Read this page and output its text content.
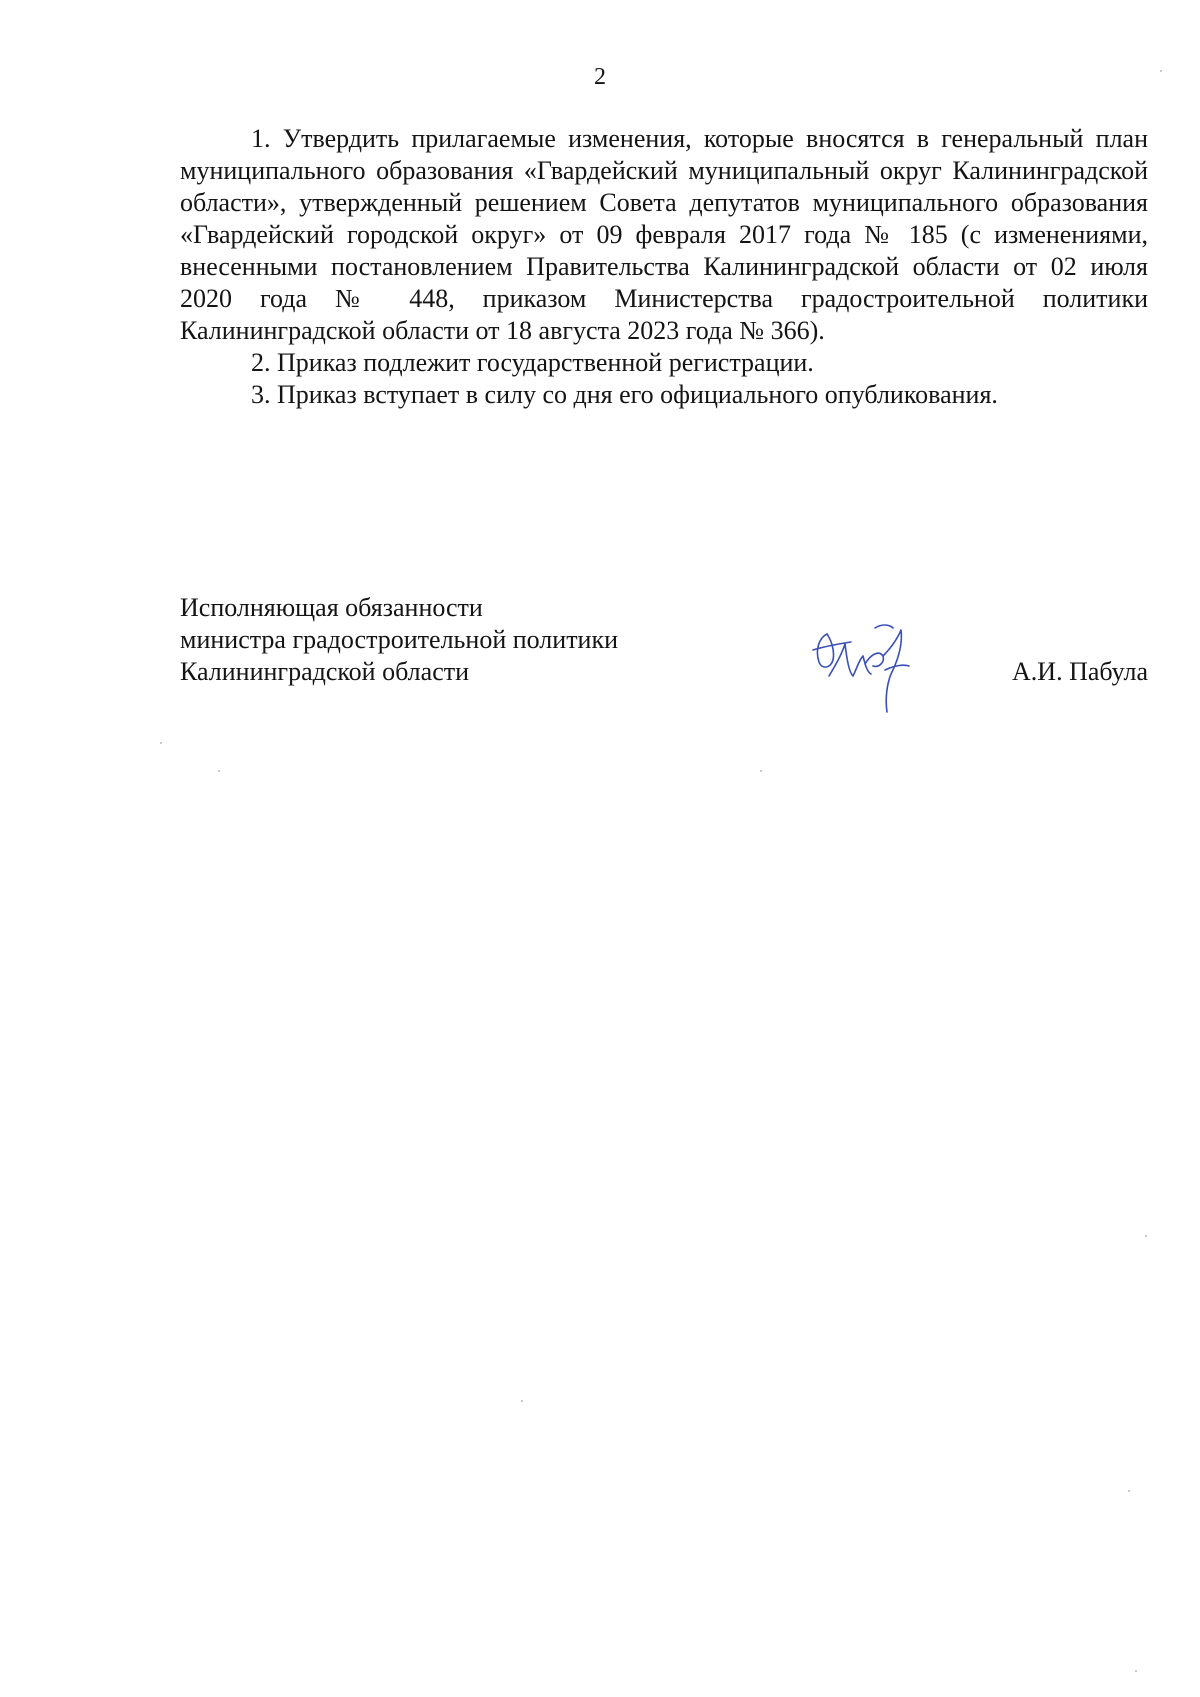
2

1. Утвердить прилагаемые изменения, которые вносятся в генеральный план муниципального образования «Гвардейский муниципальный округ Калининградской области», утвержденный решением Совета депутатов муниципального образования «Гвардейский городской округ» от 09 февраля 2017 года № 185 (с изменениями, внесенными постановлением Правительства Калининградской области от 02 июля 2020 года № 448, приказом Министерства градостроительной политики Калининградской области от 18 августа 2023 года № 366).

2. Приказ подлежит государственной регистрации.

3. Приказ вступает в силу со дня его официального опубликования.

Исполняющая обязанности
министра градостроительной политики
Калининградской области	А.И. Пабула
